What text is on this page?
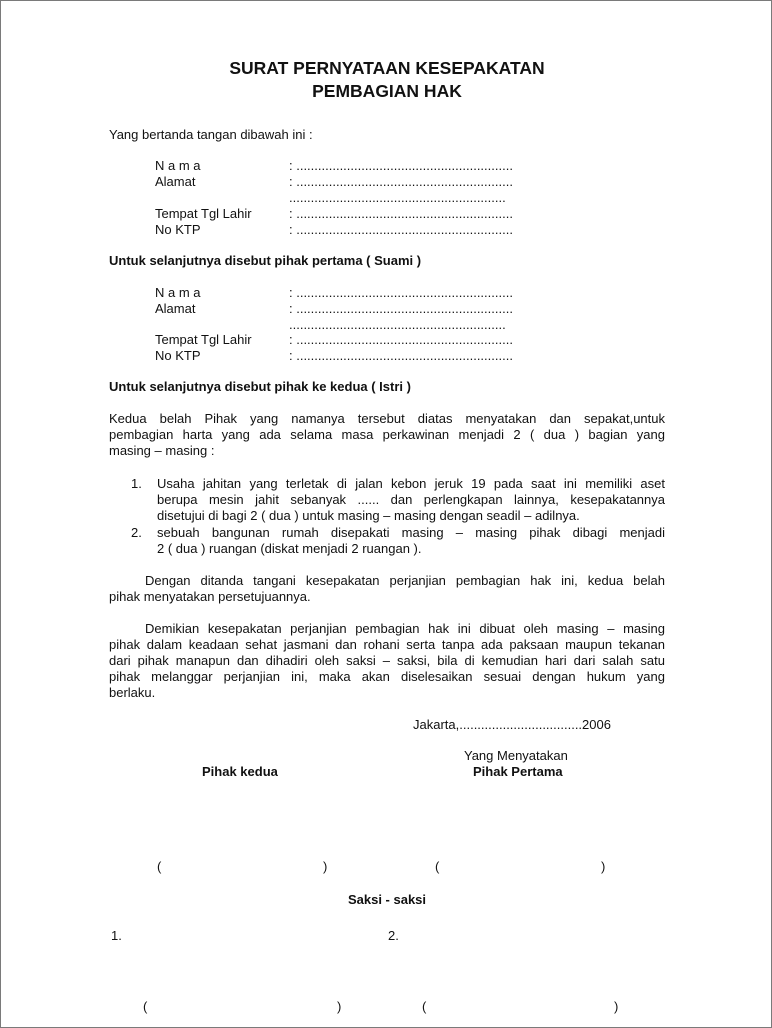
SURAT PERNYATAAN KESEPAKATAN
PEMBAGIAN HAK
Yang bertanda tangan dibawah ini :
N a m a	: ............................................................
Alamat	: ............................................................
............................................................
Tempat Tgl Lahir	: ............................................................
No KTP	: ............................................................
Untuk selanjutnya disebut pihak pertama ( Suami )
N a m a	: ............................................................
Alamat	: ............................................................
............................................................
Tempat Tgl Lahir	: ............................................................
No KTP	: ............................................................
Untuk selanjutnya disebut pihak ke kedua ( Istri )
Kedua belah Pihak yang namanya tersebut diatas menyatakan dan sepakat,untuk
pembagian harta yang ada selama masa perkawinan menjadi 2 ( dua ) bagian yang
masing – masing :
1. Usaha jahitan yang terletak di jalan kebon jeruk 19 pada saat ini memiliki aset
berupa mesin jahit sebanyak ...... dan perlengkapan lainnya, kesepakatannya
disetujui di bagi 2 ( dua ) untuk masing – masing dengan seadil – adilnya.
2. sebuah bangunan rumah disepakati masing – masing pihak dibagi menjadi
2 ( dua ) ruangan (diskat menjadi 2 ruangan ).
Dengan ditanda tangani kesepakatan perjanjian pembagian hak ini, kedua belah
pihak menyatakan persetujuannya.
Demikian kesepakatan perjanjian pembagian hak ini dibuat oleh masing – masing
pihak dalam keadaan sehat jasmani dan rohani serta tanpa ada paksaan maupun tekanan
dari pihak manapun dan dihadiri oleh saksi – saksi, bila di kemudian hari dari salah satu
pihak melanggar perjanjian ini, maka akan diselesaikan sesuai dengan hukum yang
berlaku.
Jakarta,..................................2006
Yang Menyatakan
Pihak kedua	Pihak Pertama
(	)	(	)
Saksi - saksi
1.	2.
(	)	(	)
